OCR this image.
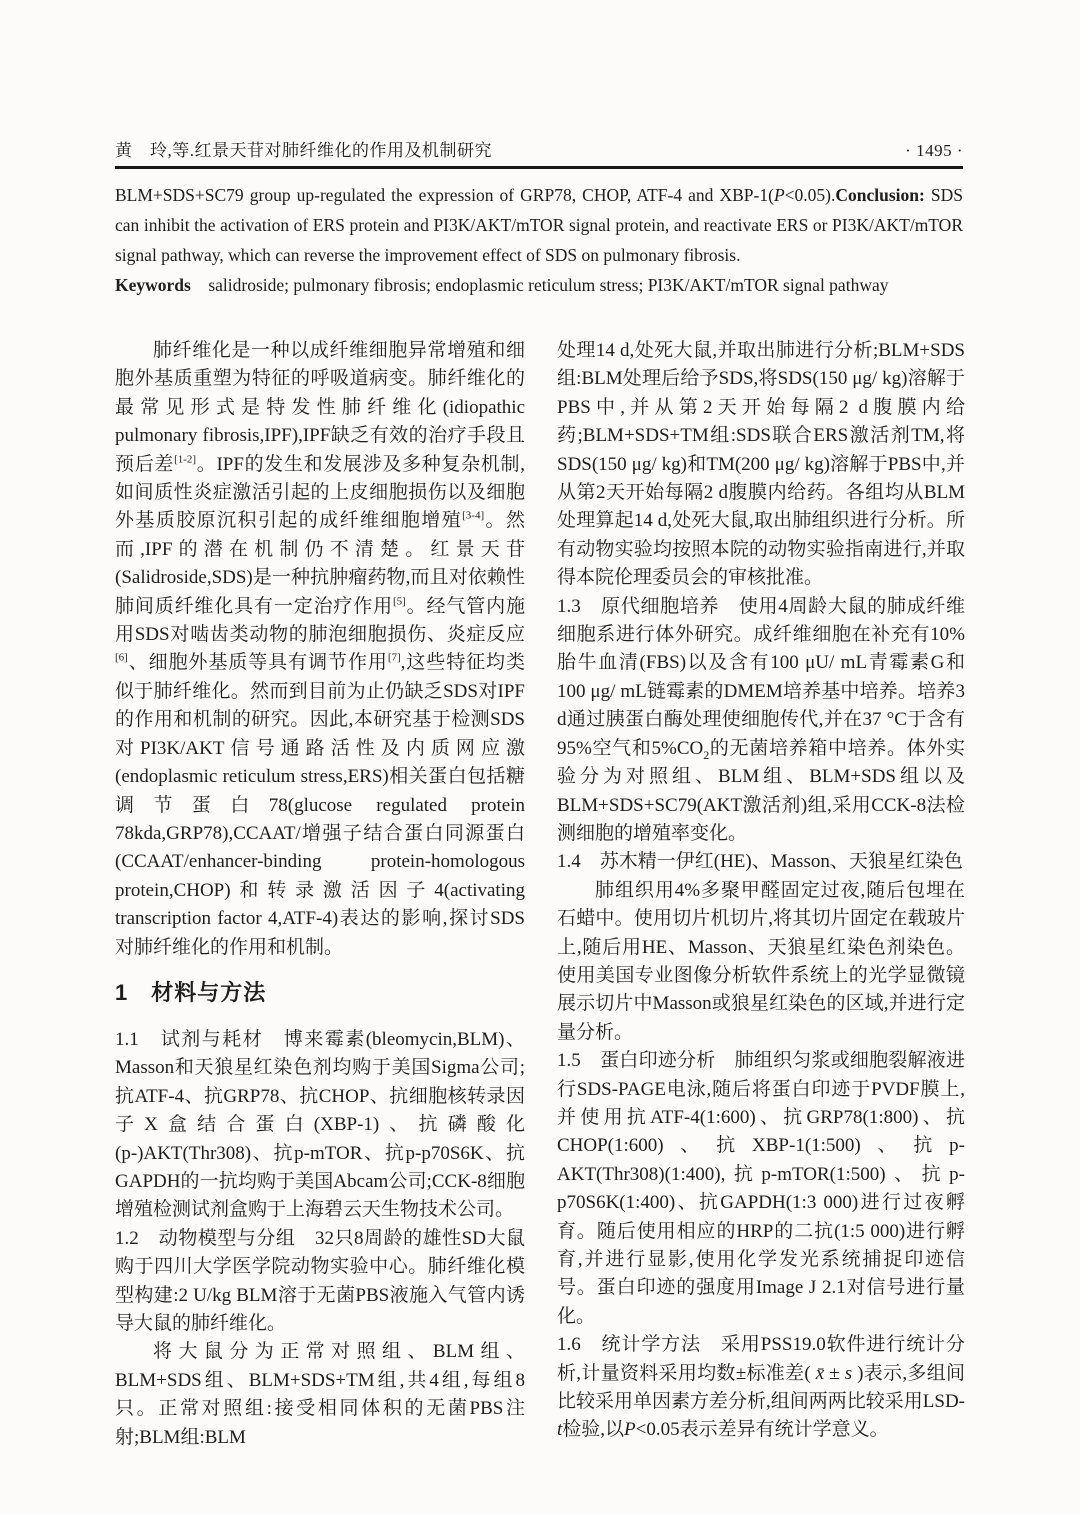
黄　玲,等.红景天苷对肺纤维化的作用及机制研究	· 1495 ·
BLM+SDS+SC79 group up-regulated the expression of GRP78, CHOP, ATF-4 and XBP-1(P<0.05).Conclusion: SDS can inhibit the activation of ERS protein and PI3K/AKT/mTOR signal protein, and reactivate ERS or PI3K/AKT/mTOR signal pathway, which can reverse the improvement effect of SDS on pulmonary fibrosis.
Keywords　salidroside; pulmonary fibrosis; endoplasmic reticulum stress; PI3K/AKT/mTOR signal pathway
肺纤维化是一种以成纤维细胞异常增殖和细胞外基质重塑为特征的呼吸道病变。肺纤维化的最常见形式是特发性肺纤维化(idiopathic pulmonary fibrosis,IPF),IPF缺乏有效的治疗手段且预后差[1-2]。IPF的发生和发展涉及多种复杂机制,如间质性炎症激活引起的上皮细胞损伤以及细胞外基质胶原沉积引起的成纤维细胞增殖[3-4]。然而,IPF的潜在机制仍不清楚。红景天苷(Salidroside,SDS)是一种抗肿瘤药物,而且对依赖性肺间质纤维化具有一定治疗作用[5]。经气管内施用SDS对啮齿类动物的肺泡细胞损伤、炎症反应[6]、细胞外基质等具有调节作用[7],这些特征均类似于肺纤维化。然而到目前为止仍缺乏SDS对IPF的作用和机制的研究。因此,本研究基于检测SDS对PI3K/AKT信号通路活性及内质网应激(endoplasmic reticulum stress,ERS)相关蛋白包括糖调节蛋白78(glucose regulated protein 78kda,GRP78),CCAAT/增强子结合蛋白同源蛋白(CCAAT/enhancer-binding protein-homologous protein,CHOP)和转录激活因子4(activating transcription factor 4,ATF-4)表达的影响,探讨SDS对肺纤维化的作用和机制。
1　材料与方法
1.1　试剂与耗材　博来霉素(bleomycin,BLM)、Masson和天狼星红染色剂均购于美国Sigma公司;抗ATF-4、抗GRP78、抗CHOP、抗细胞核转录因子X盒结合蛋白(XBP-1)、抗磷酸化(p-)AKT(Thr308)、抗p-mTOR、抗p-p70S6K、抗GAPDH的一抗均购于美国Abcam公司;CCK-8细胞增殖检测试剂盒购于上海碧云天生物技术公司。
1.2　动物模型与分组　32只8周龄的雄性SD大鼠购于四川大学医学院动物实验中心。肺纤维化模型构建:2 U/kg BLM溶于无菌PBS液施入气管内诱导大鼠的肺纤维化。
将大鼠分为正常对照组、BLM组、BLM+SDS组、BLM+SDS+TM组,共4组,每组8只。正常对照组:接受相同体积的无菌PBS注射;BLM组:BLM
处理14 d,处死大鼠,并取出肺进行分析;BLM+SDS组:BLM处理后给予SDS,将SDS(150 μg/ kg)溶解于PBS中,并从第2天开始每隔2 d腹膜内给药;BLM+SDS+TM组:SDS联合ERS激活剂TM,将SDS(150 μg/ kg)和TM(200 μg/ kg)溶解于PBS中,并从第2天开始每隔2 d腹膜内给药。各组均从BLM处理算起14 d,处死大鼠,取出肺组织进行分析。所有动物实验均按照本院的动物实验指南进行,并取得本院伦理委员会的审核批准。
1.3　原代细胞培养　使用4周龄大鼠的肺成纤维细胞系进行体外研究。成纤维细胞在补充有10%胎牛血清(FBS)以及含有100 μU/ mL青霉素G和100 μg/ mL链霉素的DMEM培养基中培养。培养3 d通过胰蛋白酶处理使细胞传代,并在37 °C于含有95%空气和$5\%CO_2$的无菌培养箱中培养。体外实验分为对照组、BLM组、BLM+SDS组以及BLM+SDS+SC79(AKT激活剂)组,采用CCK-8法检测细胞的增殖率变化。
1.4　苏木精一伊红(HE)、Masson、天狼星红染色
肺组织用4%多聚甲醛固定过夜,随后包埋在石蜡中。使用切片机切片,将其切片固定在载玻片上,随后用HE、Masson、天狼星红染色剂染色。使用美国专业图像分析软件系统上的光学显微镜展示切片中Masson或狼星红染色的区域,并进行定量分析。
1.5　蛋白印迹分析　肺组织匀浆或细胞裂解液进行SDS-PAGE电泳,随后将蛋白印迹于PVDF膜上,并使用抗ATF-4(1:600)、抗GRP78(1:800)、抗CHOP(1:600)、抗XBP-1(1:500)、抗p-AKT(Thr308)(1:400),抗p-mTOR(1:500)、抗p-p70S6K(1:400)、抗GAPDH(1:3 000)进行过夜孵育。随后使用相应的HRP的二抗(1:5 000)进行孵育,并进行显影,使用化学发光系统捕捉印迹信号。蛋白印迹的强度用Image J 2.1对信号进行量化。
1.6　统计学方法　采用PSS19.0软件进行统计分析,计量资料采用均数±标准差( x̄ ± s )表示,多组间比较采用单因素方差分析,组间两两比较采用LSD-t检验,以P<0.05表示差异有统计学意义。
